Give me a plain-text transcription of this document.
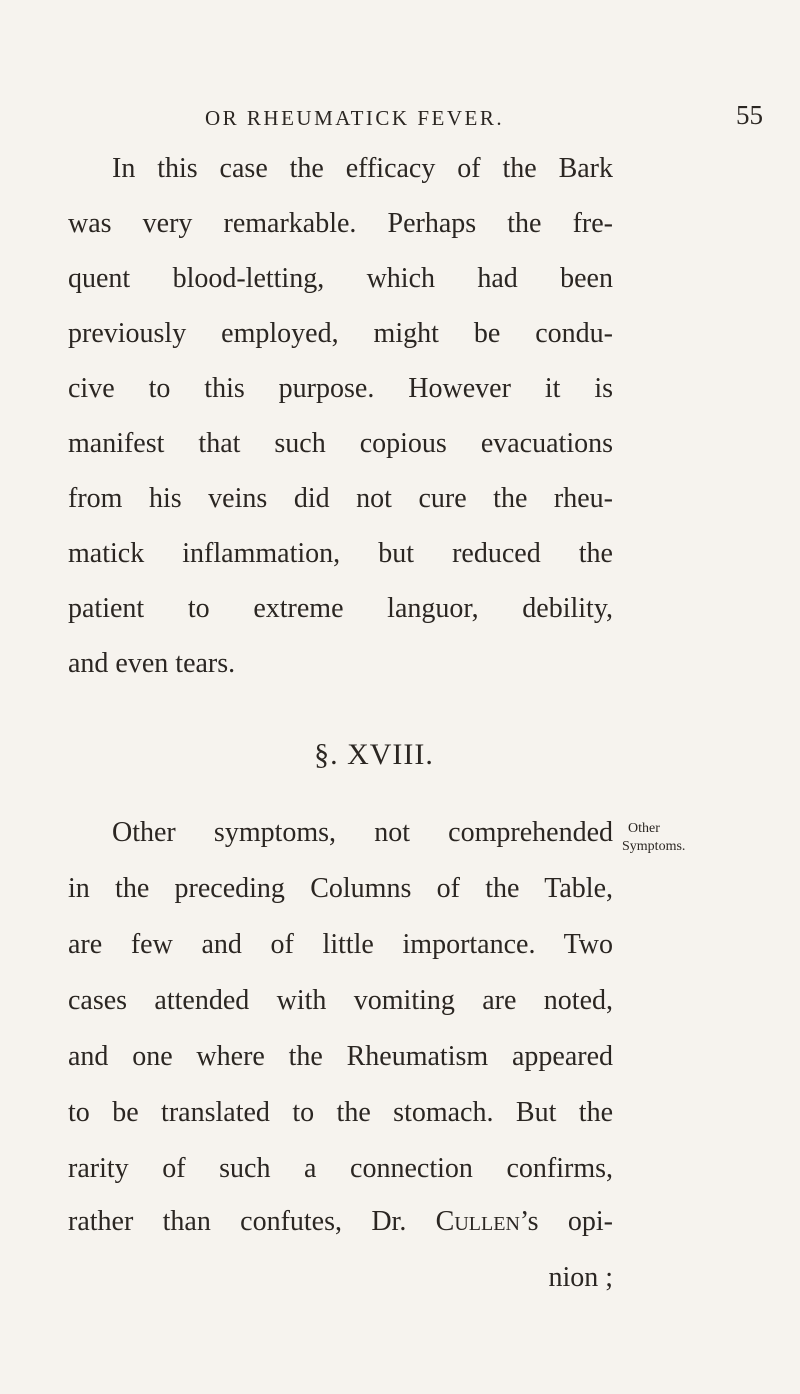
OR RHEUMATICK FEVER.	55
In this case the efficacy of the Bark
was very remarkable. Perhaps the fre-
quent blood-letting, which had been
previously employed, might be condu-
cive to this purpose. However it is
manifest that such copious evacuations
from his veins did not cure the rheu-
matick inflammation, but reduced the
patient to extreme languor, debility,
and even tears.
§. XVIII.
Other symptoms, not comprehended
in the preceding Columns of the Table,
are few and of little importance. Two
cases attended with vomiting are noted,
and one where the Rheumatism appeared
to be translated to the stomach. But the
rarity of such a connection confirms,
rather than confutes, Dr. Cullen’s opi-
nion ;
Other
Symptoms.
